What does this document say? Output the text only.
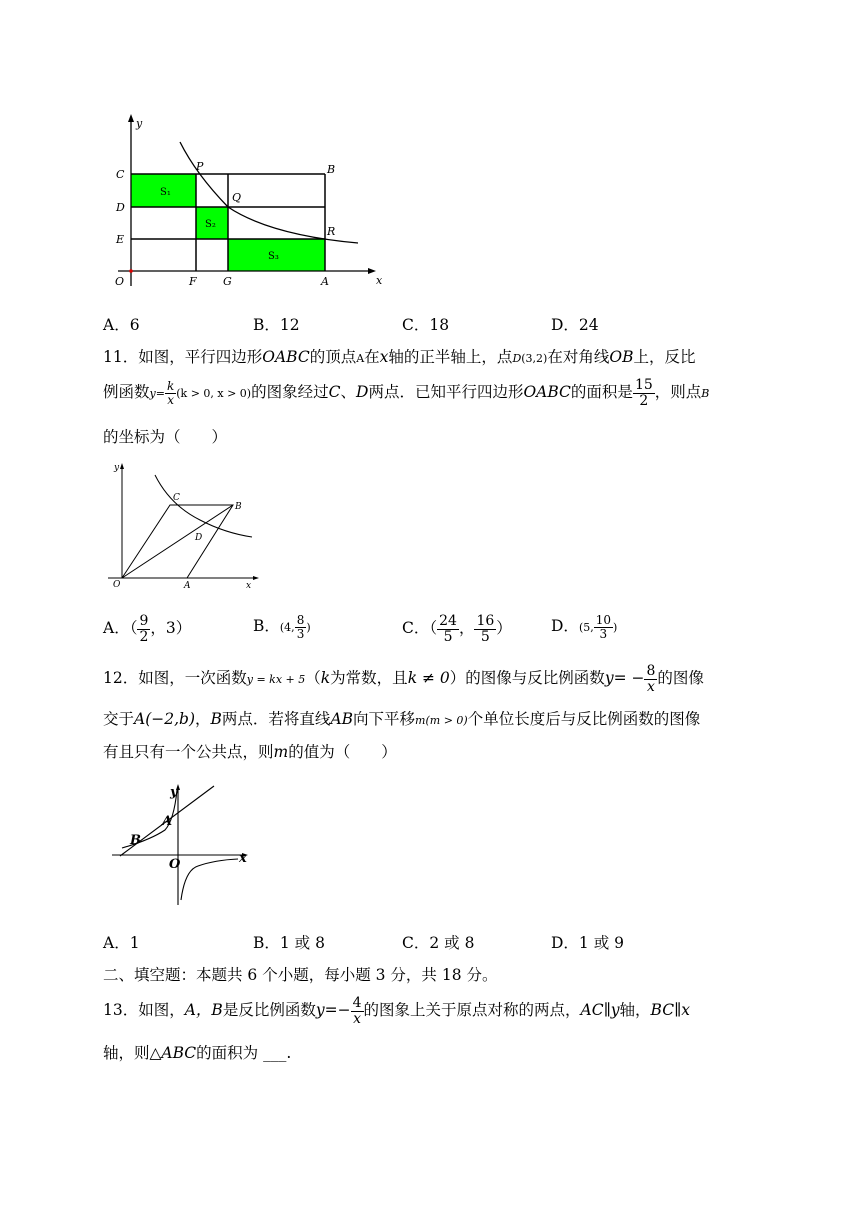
y
x
O
C
D
E
F G	A
P
Q
B
R
S₁
S₂
S₃
A．6	B．12	C．18	D．24
11．如图，平行四边形OABC的顶点A在x轴的正半轴上，点D(3,2)在对角线OB上，反比
例函数$y= \frac{k}{x} (k > 0$, x > 0)的图象经过C、D两点．已知平行四边形OABC的面积是 $\frac{15}{2}$ ，则点B
的坐标为（　　）
y
x
O	A
B
C
D
A．（ $\frac{9}{2}$ ，3）	B．(4, $\frac{8}{3}$ )	C．（ $\frac{24}{5}$ ， $\frac{16}{5}$ ）	D．(5, $\frac{10}{3}$ )
12．如图，一次函数y = kx + 5（k为常数，且k ≠ 0）的图像与反比例函数$y= - \frac{8}{x}$ 的图像
交于A(−2,b)，B两点．若将直线AB向下平移m(m > 0)个单位长度后与反比例函数的图像
有且只有一个公共点，则m的值为（　　）
y
x
O
A
B
A．1	B．1 或 8	C．2 或 8	D．1 或 9
二、填空题：本题共 6 个小题，每小题 3 分，共 18 分。
13．如图，A，B是反比例函数$y=- \frac{4}{x}$ 的图象上关于原点对称的两点，AC∥y轴，BC∥x
轴，则△ABC的面积为 ___.
